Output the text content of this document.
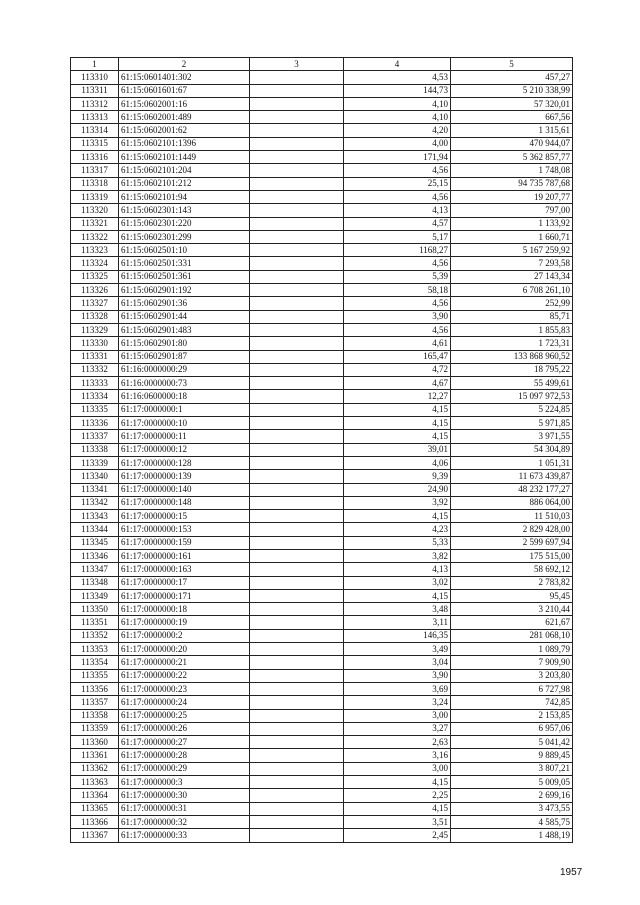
1	2	3	4	5
113310	61:15:0601401:302		4,53	457,27
113311	61:15:0601601:67		144,73	5 210 338,99
113312	61:15:0602001:16		4,10	57 320,01
113313	61:15:0602001:489		4,10	667,56
113314	61:15:0602001:62		4,20	1 315,61
113315	61:15:0602101:1396		4,00	470 944,07
113316	61:15:0602101:1449		171,94	5 362 857,77
113317	61:15:0602101:204		4,56	1 748,08
113318	61:15:0602101:212		25,15	94 735 787,68
113319	61:15:0602101:94		4,56	19 207,77
113320	61:15:0602301:143		4,13	797,00
113321	61:15:0602301:220		4,57	1 133,92
113322	61:15:0602301:299		5,17	1 660,71
113323	61:15:0602501:10		1168,27	5 167 259,92
113324	61:15:0602501:331		4,56	7 293,58
113325	61:15:0602501:361		5,39	27 143,34
113326	61:15:0602901:192		58,18	6 708 261,10
113327	61:15:0602901:36		4,56	252,99
113328	61:15:0602901:44		3,90	85,71
113329	61:15:0602901:483		4,56	1 855,83
113330	61:15:0602901:80		4,61	1 723,31
113331	61:15:0602901:87		165,47	133 868 960,52
113332	61:16:0000000:29		4,72	18 795,22
113333	61:16:0000000:73		4,67	55 499,61
113334	61:16:0600000:18		12,27	15 097 972,53
113335	61:17:0000000:1		4,15	5 224,85
113336	61:17:0000000:10		4,15	5 971,85
113337	61:17:0000000:11		4,15	3 971,55
113338	61:17:0000000:12		39,01	54 304,89
113339	61:17:0000000:128		4,06	1 051,31
113340	61:17:0000000:139		9,39	11 673 439,87
113341	61:17:0000000:140		24,90	48 232 177,27
113342	61:17:0000000:148		3,92	886 064,00
113343	61:17:0000000:15		4,15	11 510,03
113344	61:17:0000000:153		4,23	2 829 428,00
113345	61:17:0000000:159		5,33	2 599 697,94
113346	61:17:0000000:161		3,82	175 515,00
113347	61:17:0000000:163		4,13	58 692,12
113348	61:17:0000000:17		3,02	2 783,82
113349	61:17:0000000:171		4,15	95,45
113350	61:17:0000000:18		3,48	3 210,44
113351	61:17:0000000:19		3,11	621,67
113352	61:17:0000000:2		146,35	281 068,10
113353	61:17:0000000:20		3,49	1 089,79
113354	61:17:0000000:21		3,04	7 909,90
113355	61:17:0000000:22		3,90	3 203,80
113356	61:17:0000000:23		3,69	6 727,98
113357	61:17:0000000:24		3,24	742,85
113358	61:17:0000000:25		3,00	2 153,85
113359	61:17:0000000:26		3,27	6 957,06
113360	61:17:0000000:27		2,63	5 041,42
113361	61:17:0000000:28		3,16	9 889,45
113362	61:17:0000000:29		3,00	3 807,21
113363	61:17:0000000:3		4,15	5 009,05
113364	61:17:0000000:30		2,25	2 699,16
113365	61:17:0000000:31		4,15	3 473,55
113366	61:17:0000000:32		3,51	4 585,75
113367	61:17:0000000:33		2,45	1 488,19
1957
